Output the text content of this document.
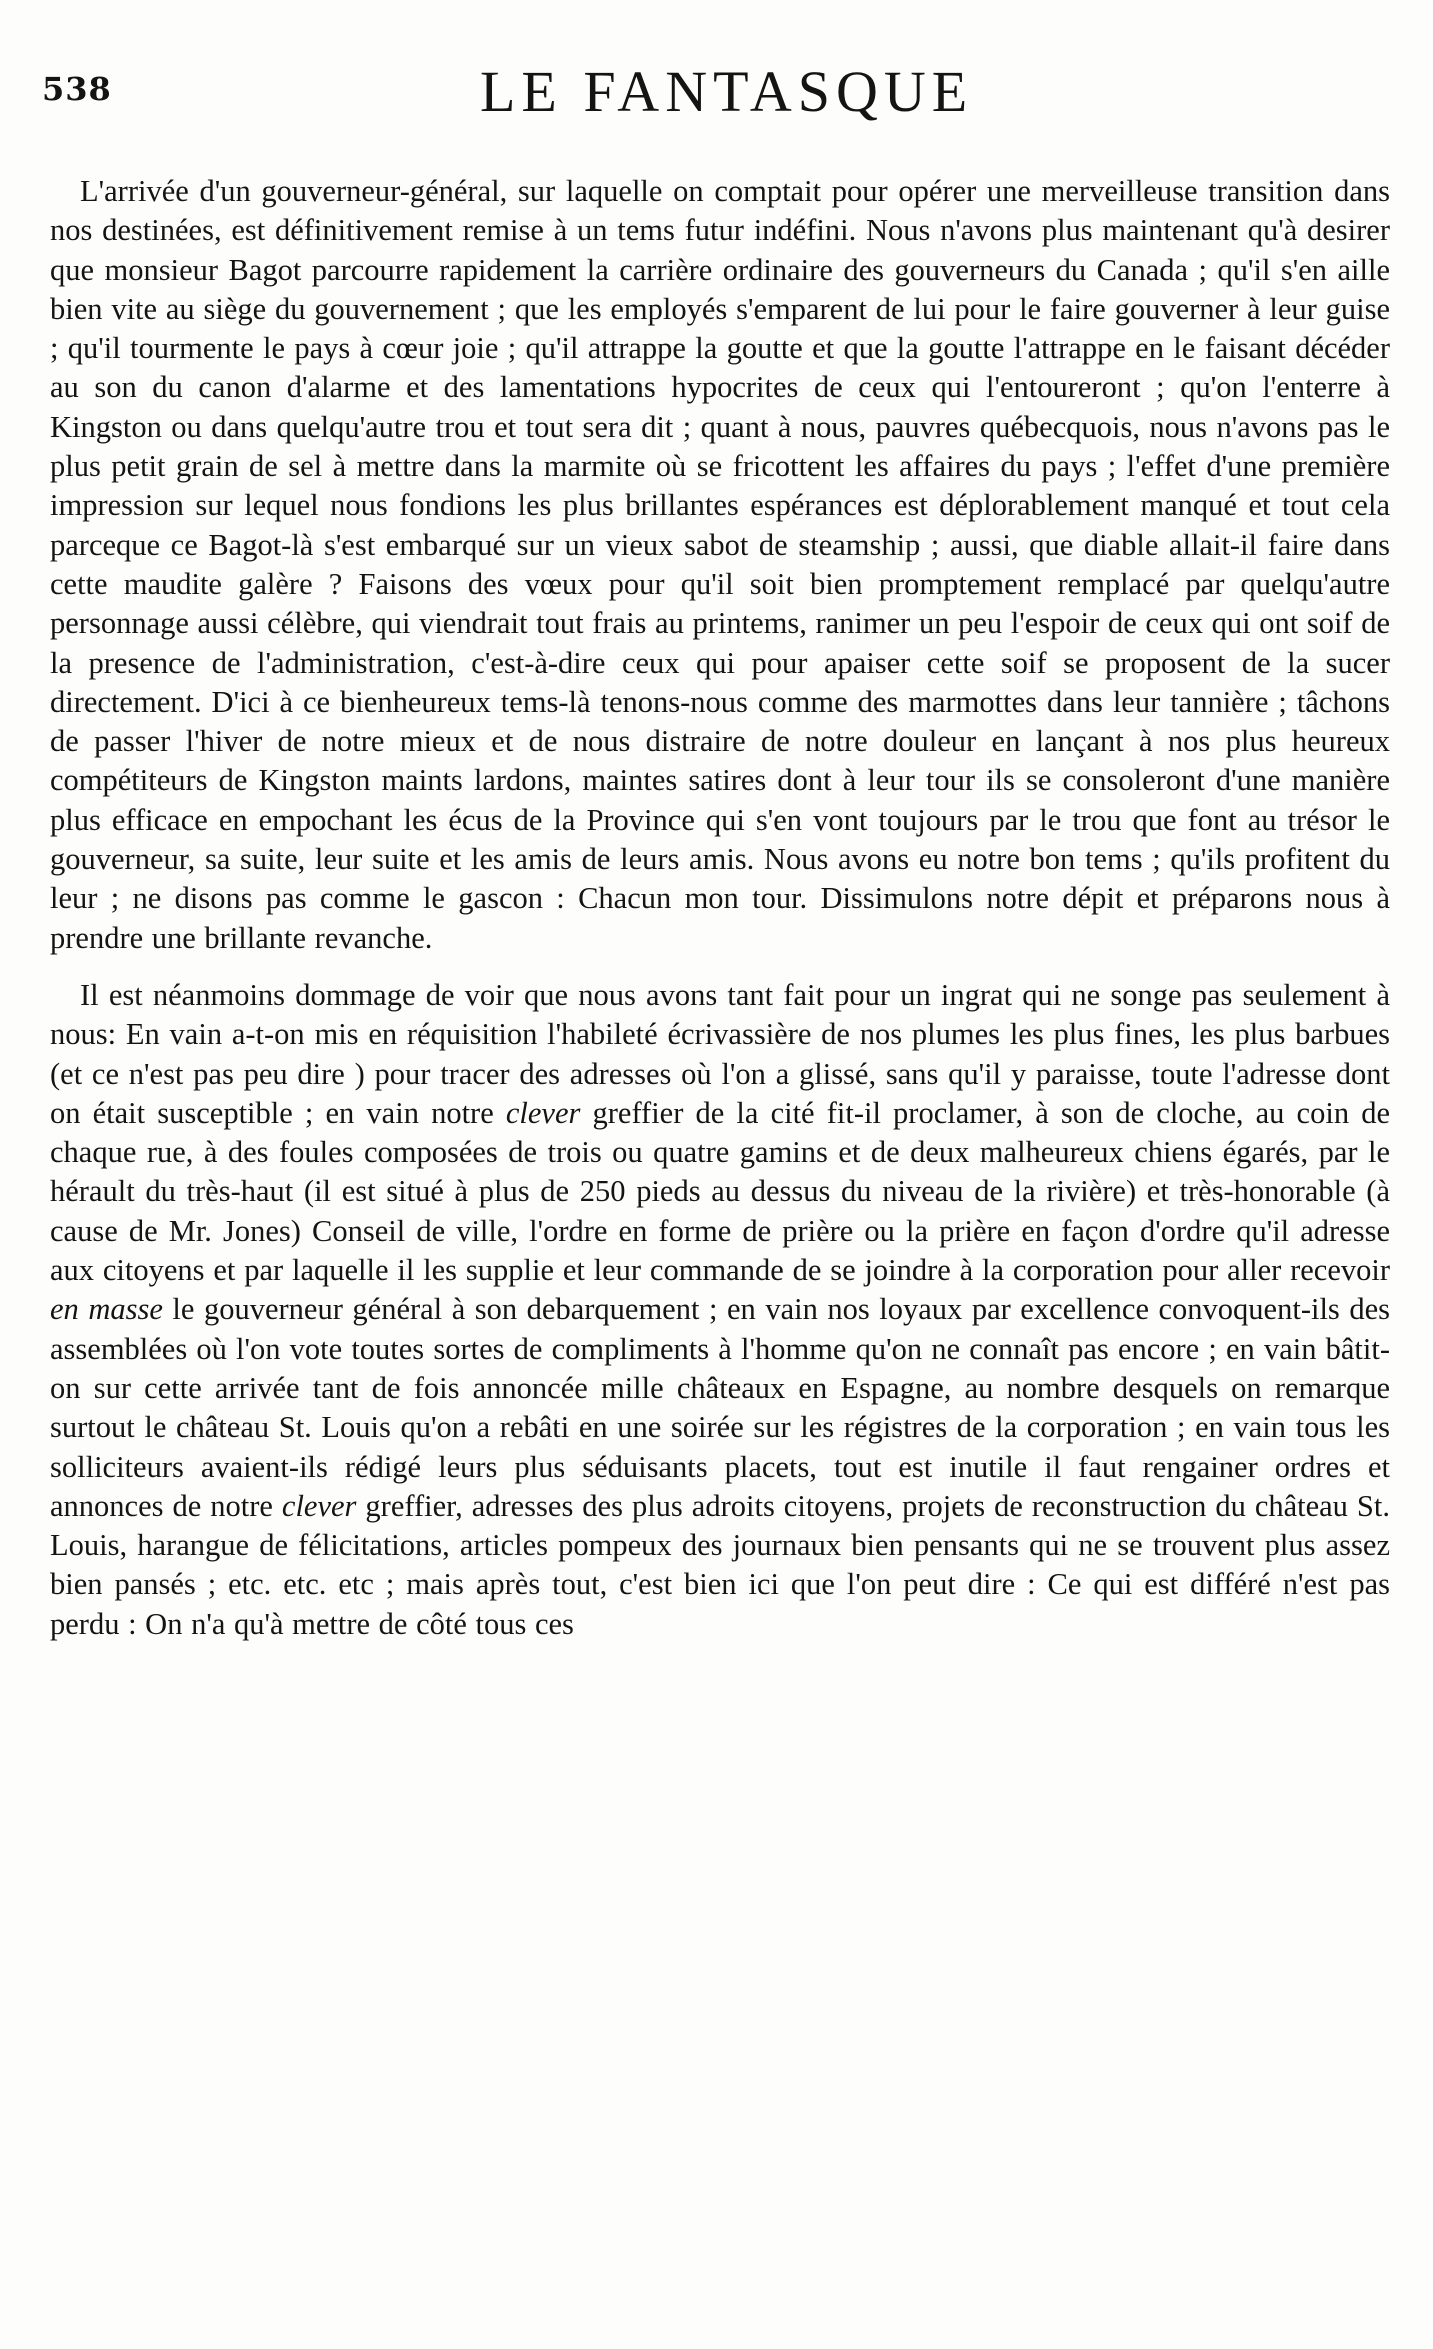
538	LE FANTASQUE

L'arrivée d'un gouverneur-général, sur laquelle on comptait pour opérer une merveilleuse transition dans nos destinées, est définitivement remise à un tems futur indéfini. Nous n'avons plus maintenant qu'à desirer que monsieur Bagot parcourre rapidement la carrière ordinaire des gouverneurs du Canada ; qu'il s'en aille bien vite au siège du gouvernement ; que les employés s'emparent de lui pour le faire gouverner à leur guise ; qu'il tourmente le pays à cœur joie ; qu'il attrappe la goutte et que la goutte l'attrappe en le faisant décéder au son du canon d'alarme et des lamentations hypocrites de ceux qui l'entoureront ; qu'on l'enterre à Kingston ou dans quelqu'autre trou et tout sera dit ; quant à nous, pauvres québecquois, nous n'avons pas le plus petit grain de sel à mettre dans la marmite où se fricottent les affaires du pays ; l'effet d'une première impression sur lequel nous fondions les plus brillantes espérances est déplorablement manqué et tout cela parceque ce Bagot-là s'est embarqué sur un vieux sabot de steamship ; aussi, que diable allait-il faire dans cette maudite galère ? Faisons des vœux pour qu'il soit bien promptement remplacé par quelqu'autre personnage aussi célèbre, qui viendrait tout frais au printems, ranimer un peu l'espoir de ceux qui ont soif de la presence de l'administration, c'est-à-dire ceux qui pour apaiser cette soif se proposent de la sucer directement. D'ici à ce bienheureux tems-là tenons-nous comme des marmottes dans leur tannière ; tâchons de passer l'hiver de notre mieux et de nous distraire de notre douleur en lançant à nos plus heureux compétiteurs de Kingston maints lardons, maintes satires dont à leur tour ils se consoleront d'une manière plus efficace en empochant les écus de la Province qui s'en vont toujours par le trou que font au trésor le gouverneur, sa suite, leur suite et les amis de leurs amis. Nous avons eu notre bon tems ; qu'ils profitent du leur ; ne disons pas comme le gascon : Chacun mon tour. Dissimulons notre dépit et préparons nous à prendre une brillante revanche.

Il est néanmoins dommage de voir que nous avons tant fait pour un ingrat qui ne songe pas seulement à nous: En vain a-t-on mis en réquisition l'habileté écrivassière de nos plumes les plus fines, les plus barbues (et ce n'est pas peu dire ) pour tracer des adresses où l'on a glissé, sans qu'il y paraisse, toute l'adresse dont on était susceptible ; en vain notre clever greffier de la cité fit-il proclamer, à son de cloche, au coin de chaque rue, à des foules composées de trois ou quatre gamins et de deux malheureux chiens égarés, par le hérault du très-haut (il est situé à plus de 250 pieds au dessus du niveau de la rivière) et très-honorable (à cause de Mr. Jones) Conseil de ville, l'ordre en forme de prière ou la prière en façon d'ordre qu'il adresse aux citoyens et par laquelle il les supplie et leur commande de se joindre à la corporation pour aller recevoir en masse le gouverneur général à son debarquement ; en vain nos loyaux par excellence convoquent-ils des assemblées où l'on vote toutes sortes de compliments à l'homme qu'on ne connaît pas encore ; en vain bâtit-on sur cette arrivée tant de fois annoncée mille châteaux en Espagne, au nombre desquels on remarque surtout le château St. Louis qu'on a rebâti en une soirée sur les régistres de la corporation ; en vain tous les solliciteurs avaient-ils rédigé leurs plus séduisants placets, tout est inutile il faut rengainer ordres et annonces de notre clever greffier, adresses des plus adroits citoyens, projets de reconstruction du château St. Louis, harangue de félicitations, articles pompeux des journaux bien pensants qui ne se trouvent plus assez bien pansés ; etc. etc. etc ; mais après tout, c'est bien ici que l'on peut dire : Ce qui est différé n'est pas perdu : On n'a qu'à mettre de côté tous ces
